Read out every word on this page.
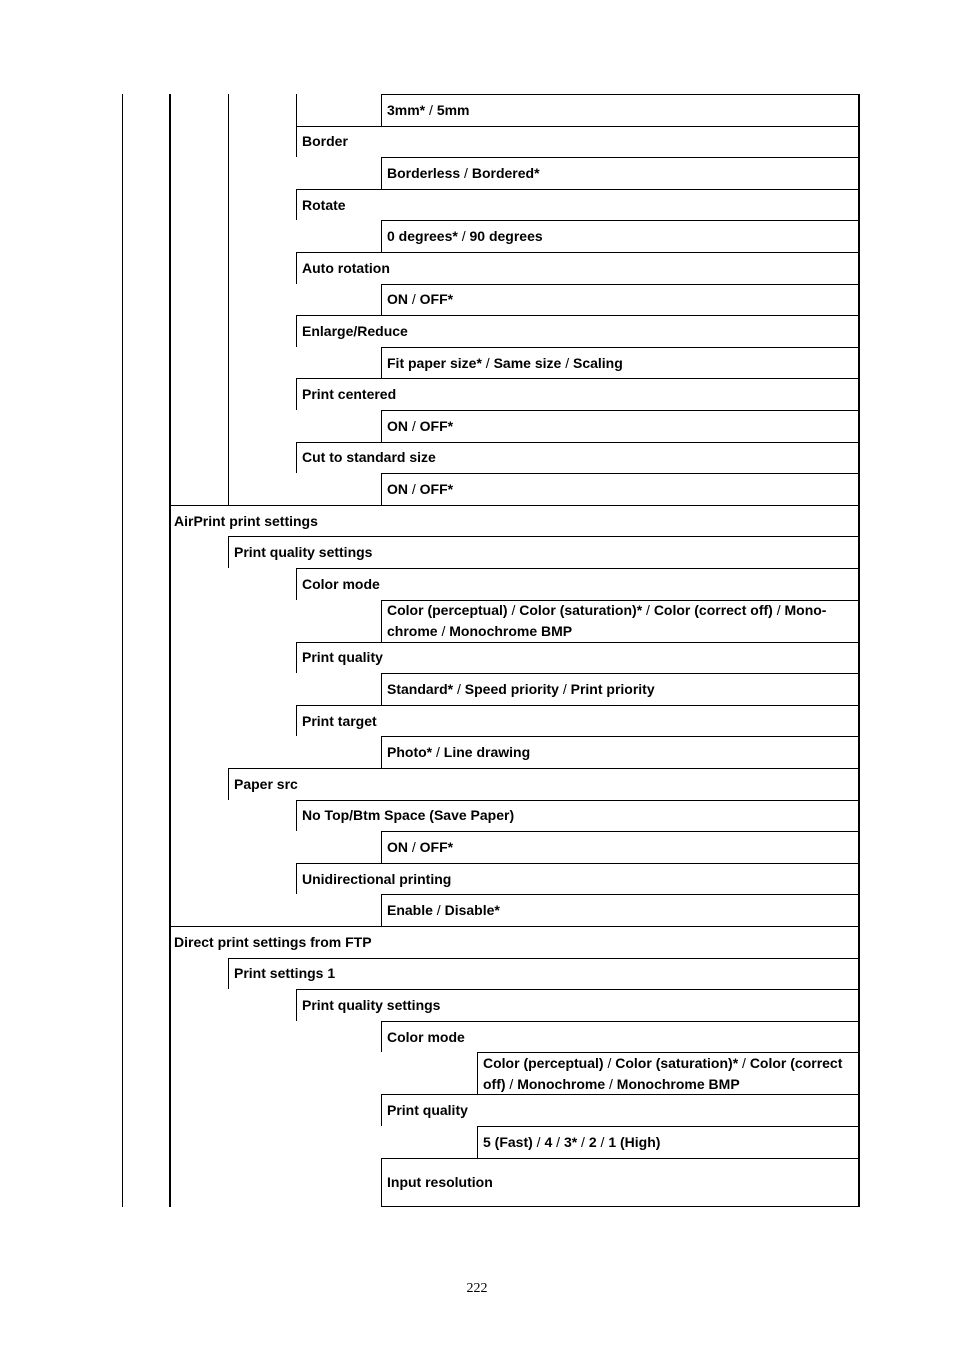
3mm* / 5mm
Border
Borderless / Bordered*
Rotate
0 degrees* / 90 degrees
Auto rotation
ON / OFF*
Enlarge/Reduce
Fit paper size* / Same size / Scaling
Print centered
ON / OFF*
Cut to standard size
ON / OFF*
AirPrint print settings
Print quality settings
Color mode
Color (perceptual) / Color (saturation)* / Color (correct off) / Mono-chrome / Monochrome BMP
Print quality
Standard* / Speed priority / Print priority
Print target
Photo* / Line drawing
Paper src
No Top/Btm Space (Save Paper)
ON / OFF*
Unidirectional printing
Enable / Disable*
Direct print settings from FTP
Print settings 1
Print quality settings
Color mode
Color (perceptual) / Color (saturation)* / Color (correct off) / Monochrome / Monochrome BMP
Print quality
5 (Fast) / 4 / 3* / 2 / 1 (High)
Input resolution
222
